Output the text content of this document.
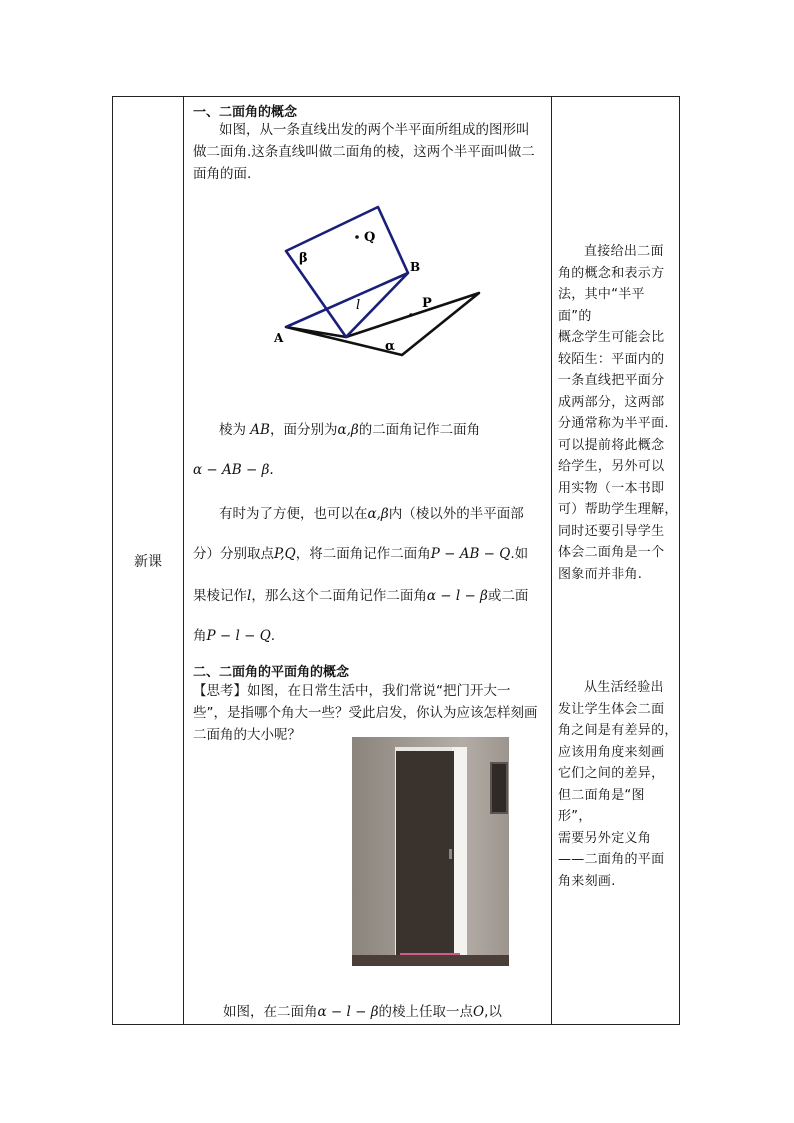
新课
一、二面角的概念
如图，从一条直线出发的两个半平面所组成的图形叫
做二面角.这条直线叫做二面角的棱，这两个半平面叫做二
面角的面.
Q
P
B
A
β
α
l
棱为 AB，面分别为α,β的二面角记作二面角
α − AB − β.
有时为了方便，也可以在α,β内（棱以外的半平面部
分）分别取点P,Q，将二面角记作二面角P − AB − Q.如
果棱记作l，那么这个二面角记作二面角α − l − β或二面
角P − l − Q.
二、二面角的平面角的概念
【思考】如图，在日常生活中，我们常说“把门开大一
些”，是指哪个角大一些？受此启发，你认为应该怎样刻画
二面角的大小呢？
如图，在二面角α − l − β的棱上任取一点O,以
直接给出二面
角的概念和表示方
法，其中“半平面”的
概念学生可能会比
较陌生：平面内的
一条直线把平面分
成两部分，这两部
分通常称为半平面.
可以提前将此概念
给学生，另外可以
用实物（一本书即
可）帮助学生理解，
同时还要引导学生
体会二面角是一个
图象而并非角.
从生活经验出
发让学生体会二面
角之间是有差异的，
应该用角度来刻画
它们之间的差异，
但二面角是“图形”，
需要另外定义角
——二面角的平面
角来刻画.
